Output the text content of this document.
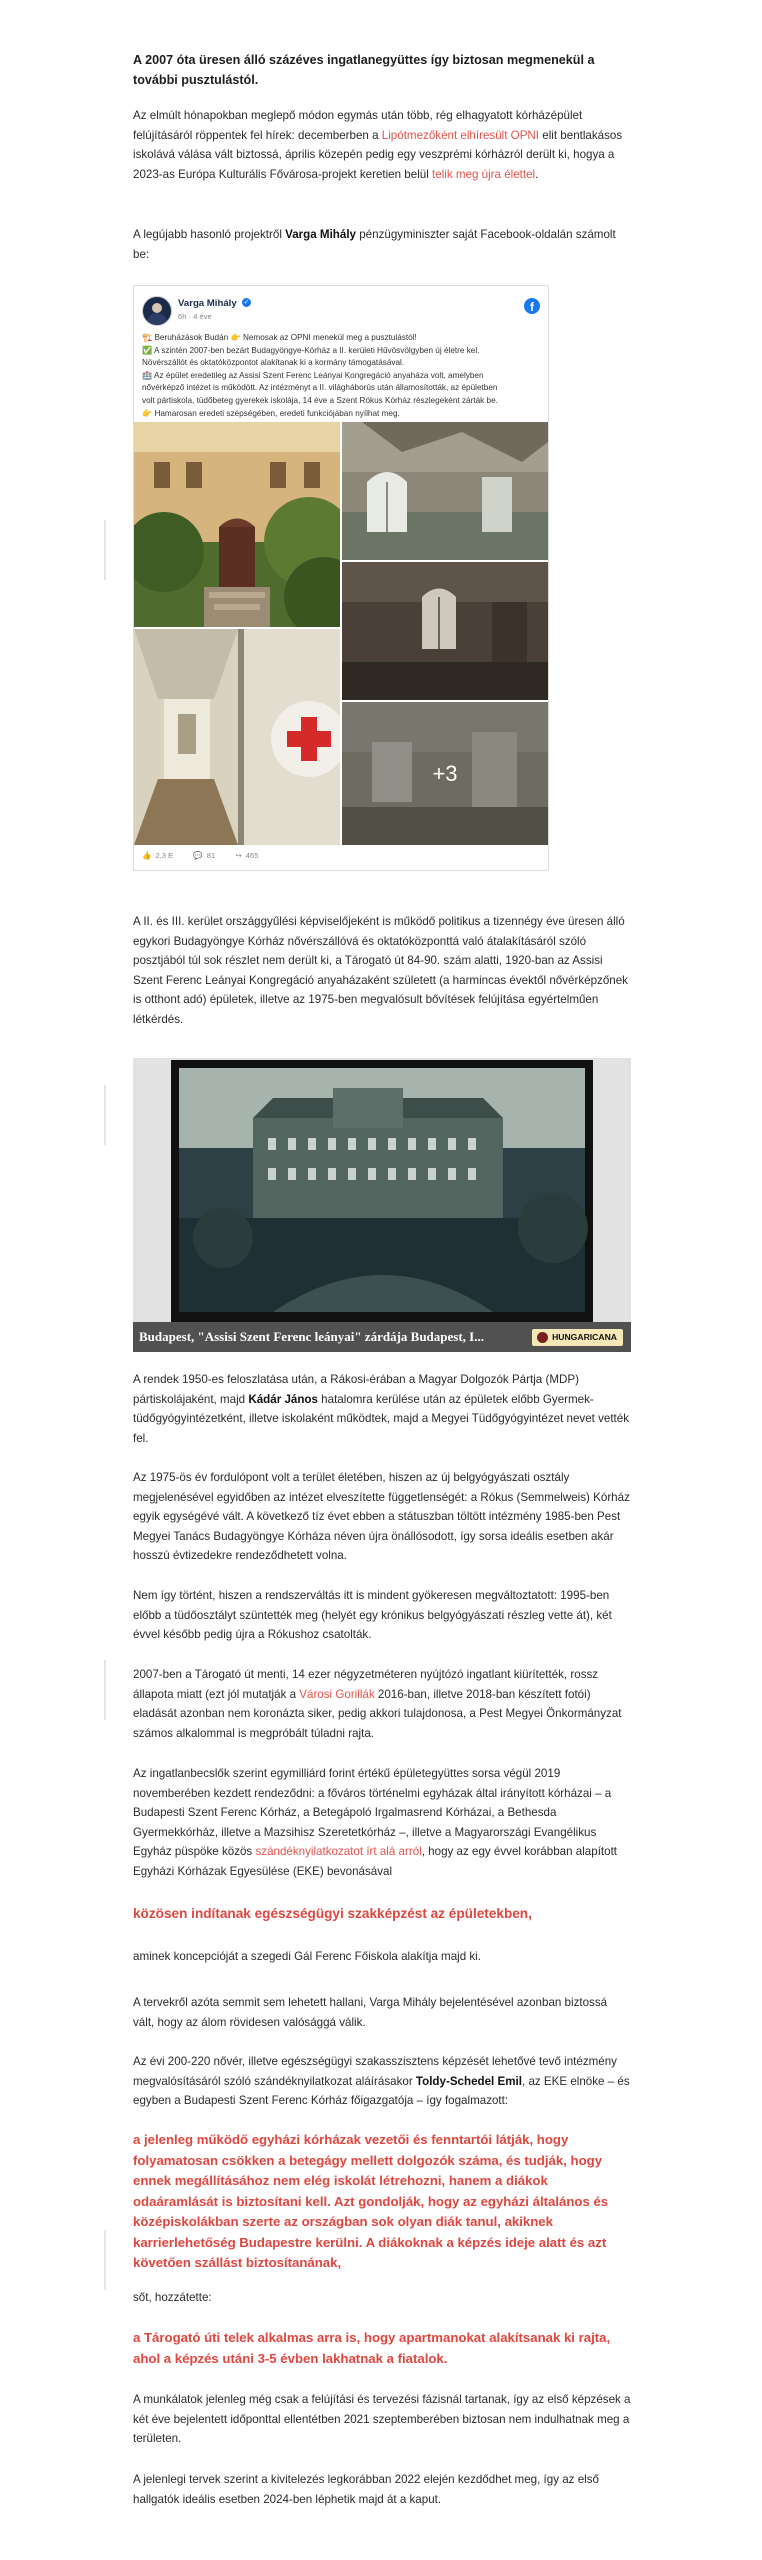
A 2007 óta üresen álló százéves ingatlanegyüttes így biztosan megmenekül a további pusztulástól.

Az elmúlt hónapokban meglepő módon egymás után több, rég elhagyatott kórházépület felújításáról röppentek fel hírek: decemberben a Lipótmezőként elhíresült OPNI elit bentlakásos iskolává válása vált biztossá, április közepén pedig egy veszprémi kórházról derült ki, hogya a 2023-as Európa Kulturális Fővárosa-projekt keretien belül telik meg újra élettel.

A legújabb hasonló projektről Varga Mihály pénzügyminiszter saját Facebook-oldalán számolt be:

Varga Mihály ✓
6h · 4 éve
f
🏗️ Beruházások Budán 👉 Nemosak az OPNI menekül meg a pusztulástól!
✅ A szintén 2007-ben bezárt Budagyöngye-Kórház a II. kerületi Hűvösvölgyben új életre kel.
Növérszállót és oktatóközpontot alakítanak ki a kormány támogatásával.
🏥 Az épület eredetileg az Assisi Szent Ferenc Leányai Kongregáció anyaháza volt, amelyben
nővérképző intézet is működött. Az intézményt a II. világháborús után államosították, az épületben
volt pártiskola, tüdőbeteg gyerekek iskolája, 14 éve a Szent Rókus Kórház részlegeként zárták be.
👉 Hamarosan eredeti szépségében, eredeti funkciójában nyílhat meg.
+3
👍 2,3 E	💬 81	↪ 465

A II. és III. kerület országgyűlési képviselőjeként is működő politikus a tizennégy éve üresen álló egykori Budagyöngye Kórház nővérszállóvá és oktatóközponttá való átalakításáról szóló posztjából túl sok részlet nem derült ki, a Tárogató út 84-90. szám alatti, 1920-ban az Assisi Szent Ferenc Leányai Kongregáció anyaházaként született (a harmincas évektől nővérképzőnek is otthont adó) épületek, illetve az 1975-ben megvalósult bővítések felújítása egyértelműen létkérdés.

Budapest, "Assisi Szent Ferenc leányai" zárdája Budapest, I...	HUNGARICANA

A rendek 1950-es feloszlatása után, a Rákosi-érában a Magyar Dolgozók Pártja (MDP) pártiskolájaként, majd Kádár János hatalomra kerülése után az épületek előbb Gyermek-tüdőgyógyintézetként, illetve iskolaként működtek, majd a Megyei Tüdőgyógyintézet nevet vették fel.

Az 1975-ös év fordulópont volt a terület életében, hiszen az új belgyógyászati osztály megjelenésével egyidőben az intézet elveszítette függetlenségét: a Rókus (Semmelweis) Kórház egyik egységévé vált. A következő tíz évet ebben a státuszban töltött intézmény 1985-ben Pest Megyei Tanács Budagyöngye Kórháza néven újra önállósodott, így sorsa ideális esetben akár hosszú évtizedekre rendeződhetett volna.

Nem így történt, hiszen a rendszerváltás itt is mindent gyökeresen megváltoztatott: 1995-ben előbb a tüdőosztályt szüntették meg (helyét egy krónikus belgyógyászati részleg vette át), két évvel később pedig újra a Rókushoz csatolták.

2007-ben a Tárogató út menti, 14 ezer négyzetméteren nyújtózó ingatlant kiürítették, rossz állapota miatt (ezt jól mutatják a Városi Gorillák 2016-ban, illetve 2018-ban készített fotói) eladását azonban nem koronázta siker, pedig akkori tulajdonosa, a Pest Megyei Önkormányzat számos alkalommal is megpróbált túladni rajta.

Az ingatlanbecslők szerint egymilliárd forint értékű épületegyüttes sorsa végül 2019 novemberében kezdett rendeződni: a főváros történelmi egyházak által irányított kórházai – a Budapesti Szent Ferenc Kórház, a Betegápoló Irgalmasrend Kórházai, a Bethesda Gyermekkórház, illetve a Mazsihisz Szeretetkórház –, illetve a Magyarországi Evangélikus Egyház püspöke közös szándéknyilatkozatot írt alá arról, hogy az egy évvel korábban alapított Egyházi Kórházak Egyesülése (EKE) bevonásával

közösen indítanak egészségügyi szakképzést az épületekben,

aminek koncepcióját a szegedi Gál Ferenc Főiskola alakítja majd ki.

A tervekről azóta semmit sem lehetett hallani, Varga Mihály bejelentésével azonban biztossá vált, hogy az álom rövidesen valósággá válik.

Az évi 200-220 nővér, illetve egészségügyi szakasszisztens képzését lehetővé tevő intézmény megvalósításáról szóló szándéknyilatkozat aláírásakor Toldy-Schedel Emil, az EKE elnöke – és egyben a Budapesti Szent Ferenc Kórház főigazgatója – így fogalmazott:

a jelenleg működő egyházi kórházak vezetői és fenntartói látják, hogy folyamatosan csökken a betegágy mellett dolgozók száma, és tudják, hogy ennek megállításához nem elég iskolát létrehozni, hanem a diákok odaáramlását is biztosítani kell. Azt gondolják, hogy az egyházi általános és középiskolákban szerte az országban sok olyan diák tanul, akiknek karrierlehetőség Budapestre kerülni. A diákoknak a képzés ideje alatt és azt követően szállást biztosítanának,

sőt, hozzátette:

a Tárogató úti telek alkalmas arra is, hogy apartmanokat alakítsanak ki rajta, ahol a képzés utáni 3-5 évben lakhatnak a fiatalok.

A munkálatok jelenleg még csak a felújítási és tervezési fázisnál tartanak, így az első képzések a két éve bejelentett időponttal ellentétben 2021 szeptemberében biztosan nem indulhatnak meg a területen.

A jelenlegi tervek szerint a kivitelezés legkorábban 2022 elején kezdődhet meg, így az első hallgatók ideális esetben 2024-ben léphetik majd át a kaput.
